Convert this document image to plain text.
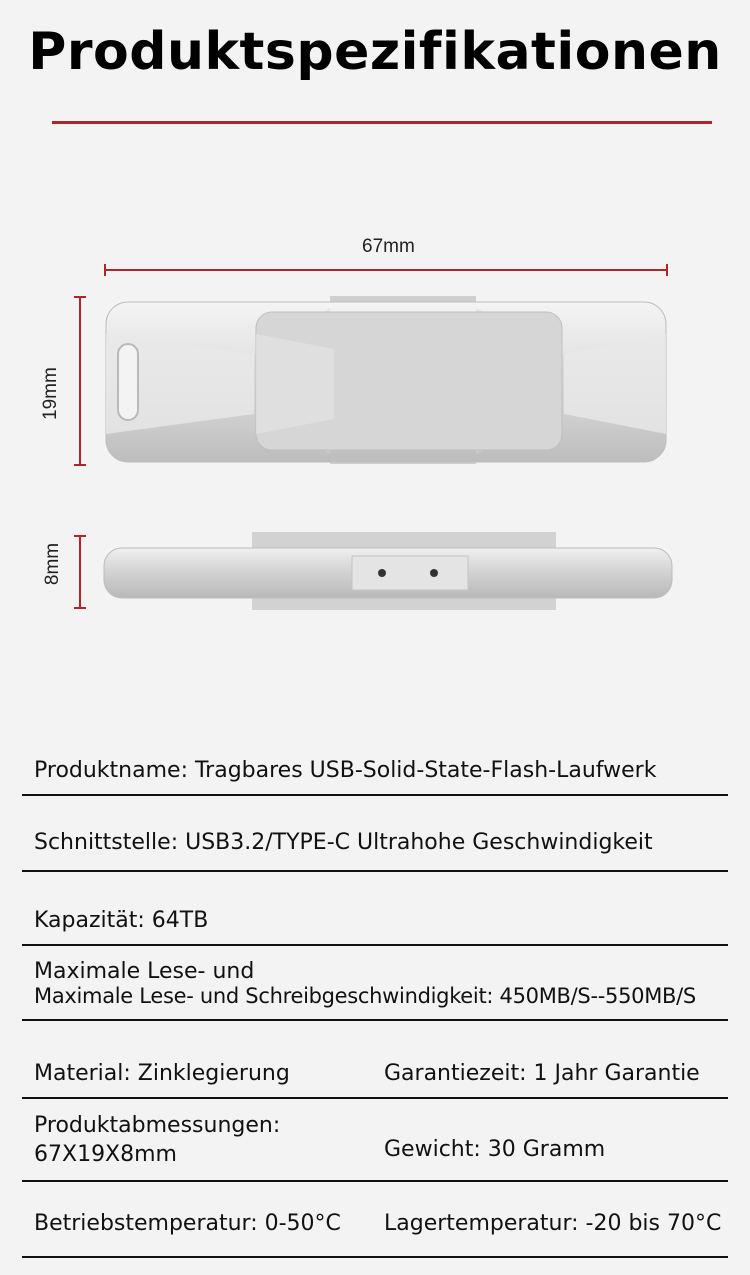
Produktspezifikationen
67mm
19mm
8mm
Produktname: Tragbares USB-Solid-State-Flash-Laufwerk
Schnittstelle: USB3.2/TYPE-C Ultrahohe Geschwindigkeit
Kapazität: 64TB
Maximale Lese- und
Maximale Lese- und Schreibgeschwindigkeit: 450MB/S--550MB/S
Material: Zinklegierung	Garantiezeit: 1 Jahr Garantie
Produktabmessungen:
67X19X8mm	Gewicht: 30 Gramm
Betriebstemperatur: 0-50°C Lagertemperatur: -20 bis 70°C
